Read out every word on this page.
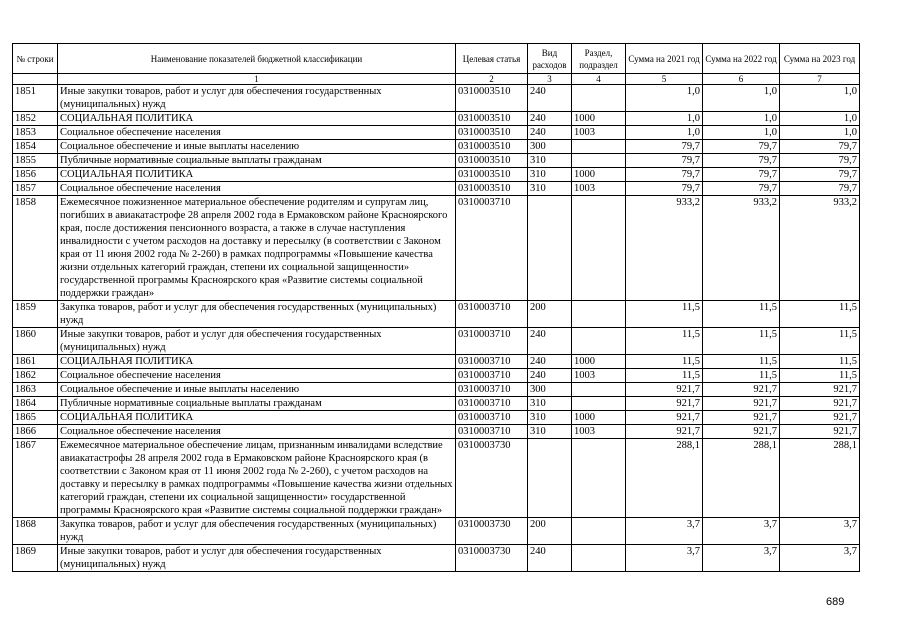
№ строки	Наименование показателей бюджетной классификации	Целевая статья	Вид расходов	Раздел, подраздел	Сумма на 2021 год	Сумма на 2022 год	Сумма на 2023 год
	1	2	3	4	5	6	7
1851	Иные закупки товаров, работ и услуг для обеспечения государственных (муниципальных) нужд	0310003510	240		1,0	1,0	1,0
1852	СОЦИАЛЬНАЯ ПОЛИТИКА	0310003510	240	1000	1,0	1,0	1,0
1853	Социальное обеспечение населения	0310003510	240	1003	1,0	1,0	1,0
1854	Социальное обеспечение и иные выплаты населению	0310003510	300		79,7	79,7	79,7
1855	Публичные нормативные социальные выплаты гражданам	0310003510	310		79,7	79,7	79,7
1856	СОЦИАЛЬНАЯ ПОЛИТИКА	0310003510	310	1000	79,7	79,7	79,7
1857	Социальное обеспечение населения	0310003510	310	1003	79,7	79,7	79,7
1858	Ежемесячное пожизненное материальное обеспечение родителям и супругам лиц, погибших в авиакатастрофе 28 апреля 2002 года в Ермаковском районе Красноярского края, после достижения пенсионного возраста, а также в случае наступления инвалидности с учетом расходов на доставку и пересылку (в соответствии с Законом края от 11 июня 2002 года № 2-260) в рамках подпрограммы «Повышение качества жизни отдельных категорий граждан, степени их социальной защищенности» государственной программы Красноярского края «Развитие системы социальной поддержки граждан»	0310003710			933,2	933,2	933,2
1859	Закупка товаров, работ и услуг для обеспечения государственных (муниципальных) нужд	0310003710	200		11,5	11,5	11,5
1860	Иные закупки товаров, работ и услуг для обеспечения государственных (муниципальных) нужд	0310003710	240		11,5	11,5	11,5
1861	СОЦИАЛЬНАЯ ПОЛИТИКА	0310003710	240	1000	11,5	11,5	11,5
1862	Социальное обеспечение населения	0310003710	240	1003	11,5	11,5	11,5
1863	Социальное обеспечение и иные выплаты населению	0310003710	300		921,7	921,7	921,7
1864	Публичные нормативные социальные выплаты гражданам	0310003710	310		921,7	921,7	921,7
1865	СОЦИАЛЬНАЯ ПОЛИТИКА	0310003710	310	1000	921,7	921,7	921,7
1866	Социальное обеспечение населения	0310003710	310	1003	921,7	921,7	921,7
1867	Ежемесячное материальное обеспечение лицам, признанным инвалидами вследствие авиакатастрофы 28 апреля 2002 года в Ермаковском районе Красноярского края (в соответствии с Законом края от 11 июня 2002 года № 2-260), с учетом расходов на доставку и пересылку в рамках подпрограммы «Повышение качества жизни отдельных категорий граждан, степени их социальной защищенности» государственной программы Красноярского края «Развитие системы социальной поддержки граждан»	0310003730			288,1	288,1	288,1
1868	Закупка товаров, работ и услуг для обеспечения государственных (муниципальных) нужд	0310003730	200		3,7	3,7	3,7
1869	Иные закупки товаров, работ и услуг для обеспечения государственных (муниципальных) нужд	0310003730	240		3,7	3,7	3,7
689
